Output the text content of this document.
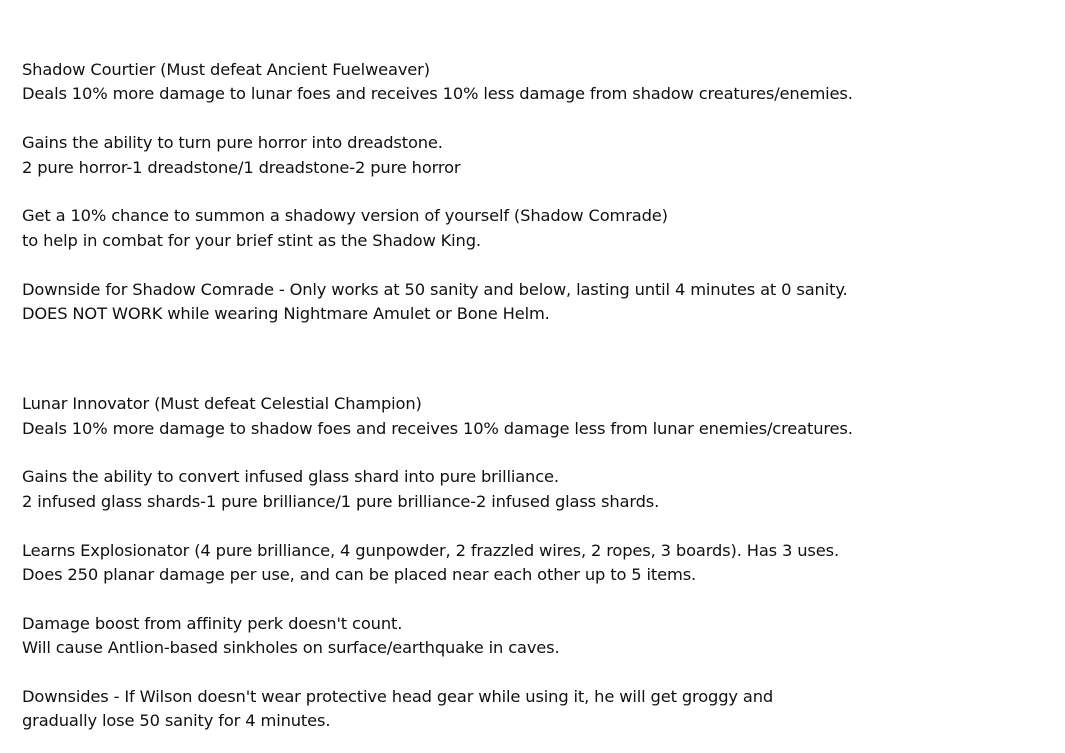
Shadow Courtier (Must defeat Ancient Fuelweaver)
Deals 10% more damage to lunar foes and receives 10% less damage from shadow creatures/enemies.
Gains the ability to turn pure horror into dreadstone.
2 pure horror-1 dreadstone/1 dreadstone-2 pure horror
Get a 10% chance to summon a shadowy version of yourself (Shadow Comrade)
to help in combat for your brief stint as the Shadow King.
Downside for Shadow Comrade - Only works at 50 sanity and below, lasting until 4 minutes at 0 sanity.
DOES NOT WORK while wearing Nightmare Amulet or Bone Helm.
Lunar Innovator (Must defeat Celestial Champion)
Deals 10% more damage to shadow foes and receives 10% damage less from lunar enemies/creatures.
Gains the ability to convert infused glass shard into pure brilliance.
2 infused glass shards-1 pure brilliance/1 pure brilliance-2 infused glass shards.
Learns Explosionator (4 pure brilliance, 4 gunpowder, 2 frazzled wires, 2 ropes, 3 boards). Has 3 uses.
Does 250 planar damage per use, and can be placed near each other up to 5 items.
Damage boost from affinity perk doesn't count.
Will cause Antlion-based sinkholes on surface/earthquake in caves.
Downsides - If Wilson doesn't wear protective head gear while using it, he will get groggy and
gradually lose 50 sanity for 4 minutes.
